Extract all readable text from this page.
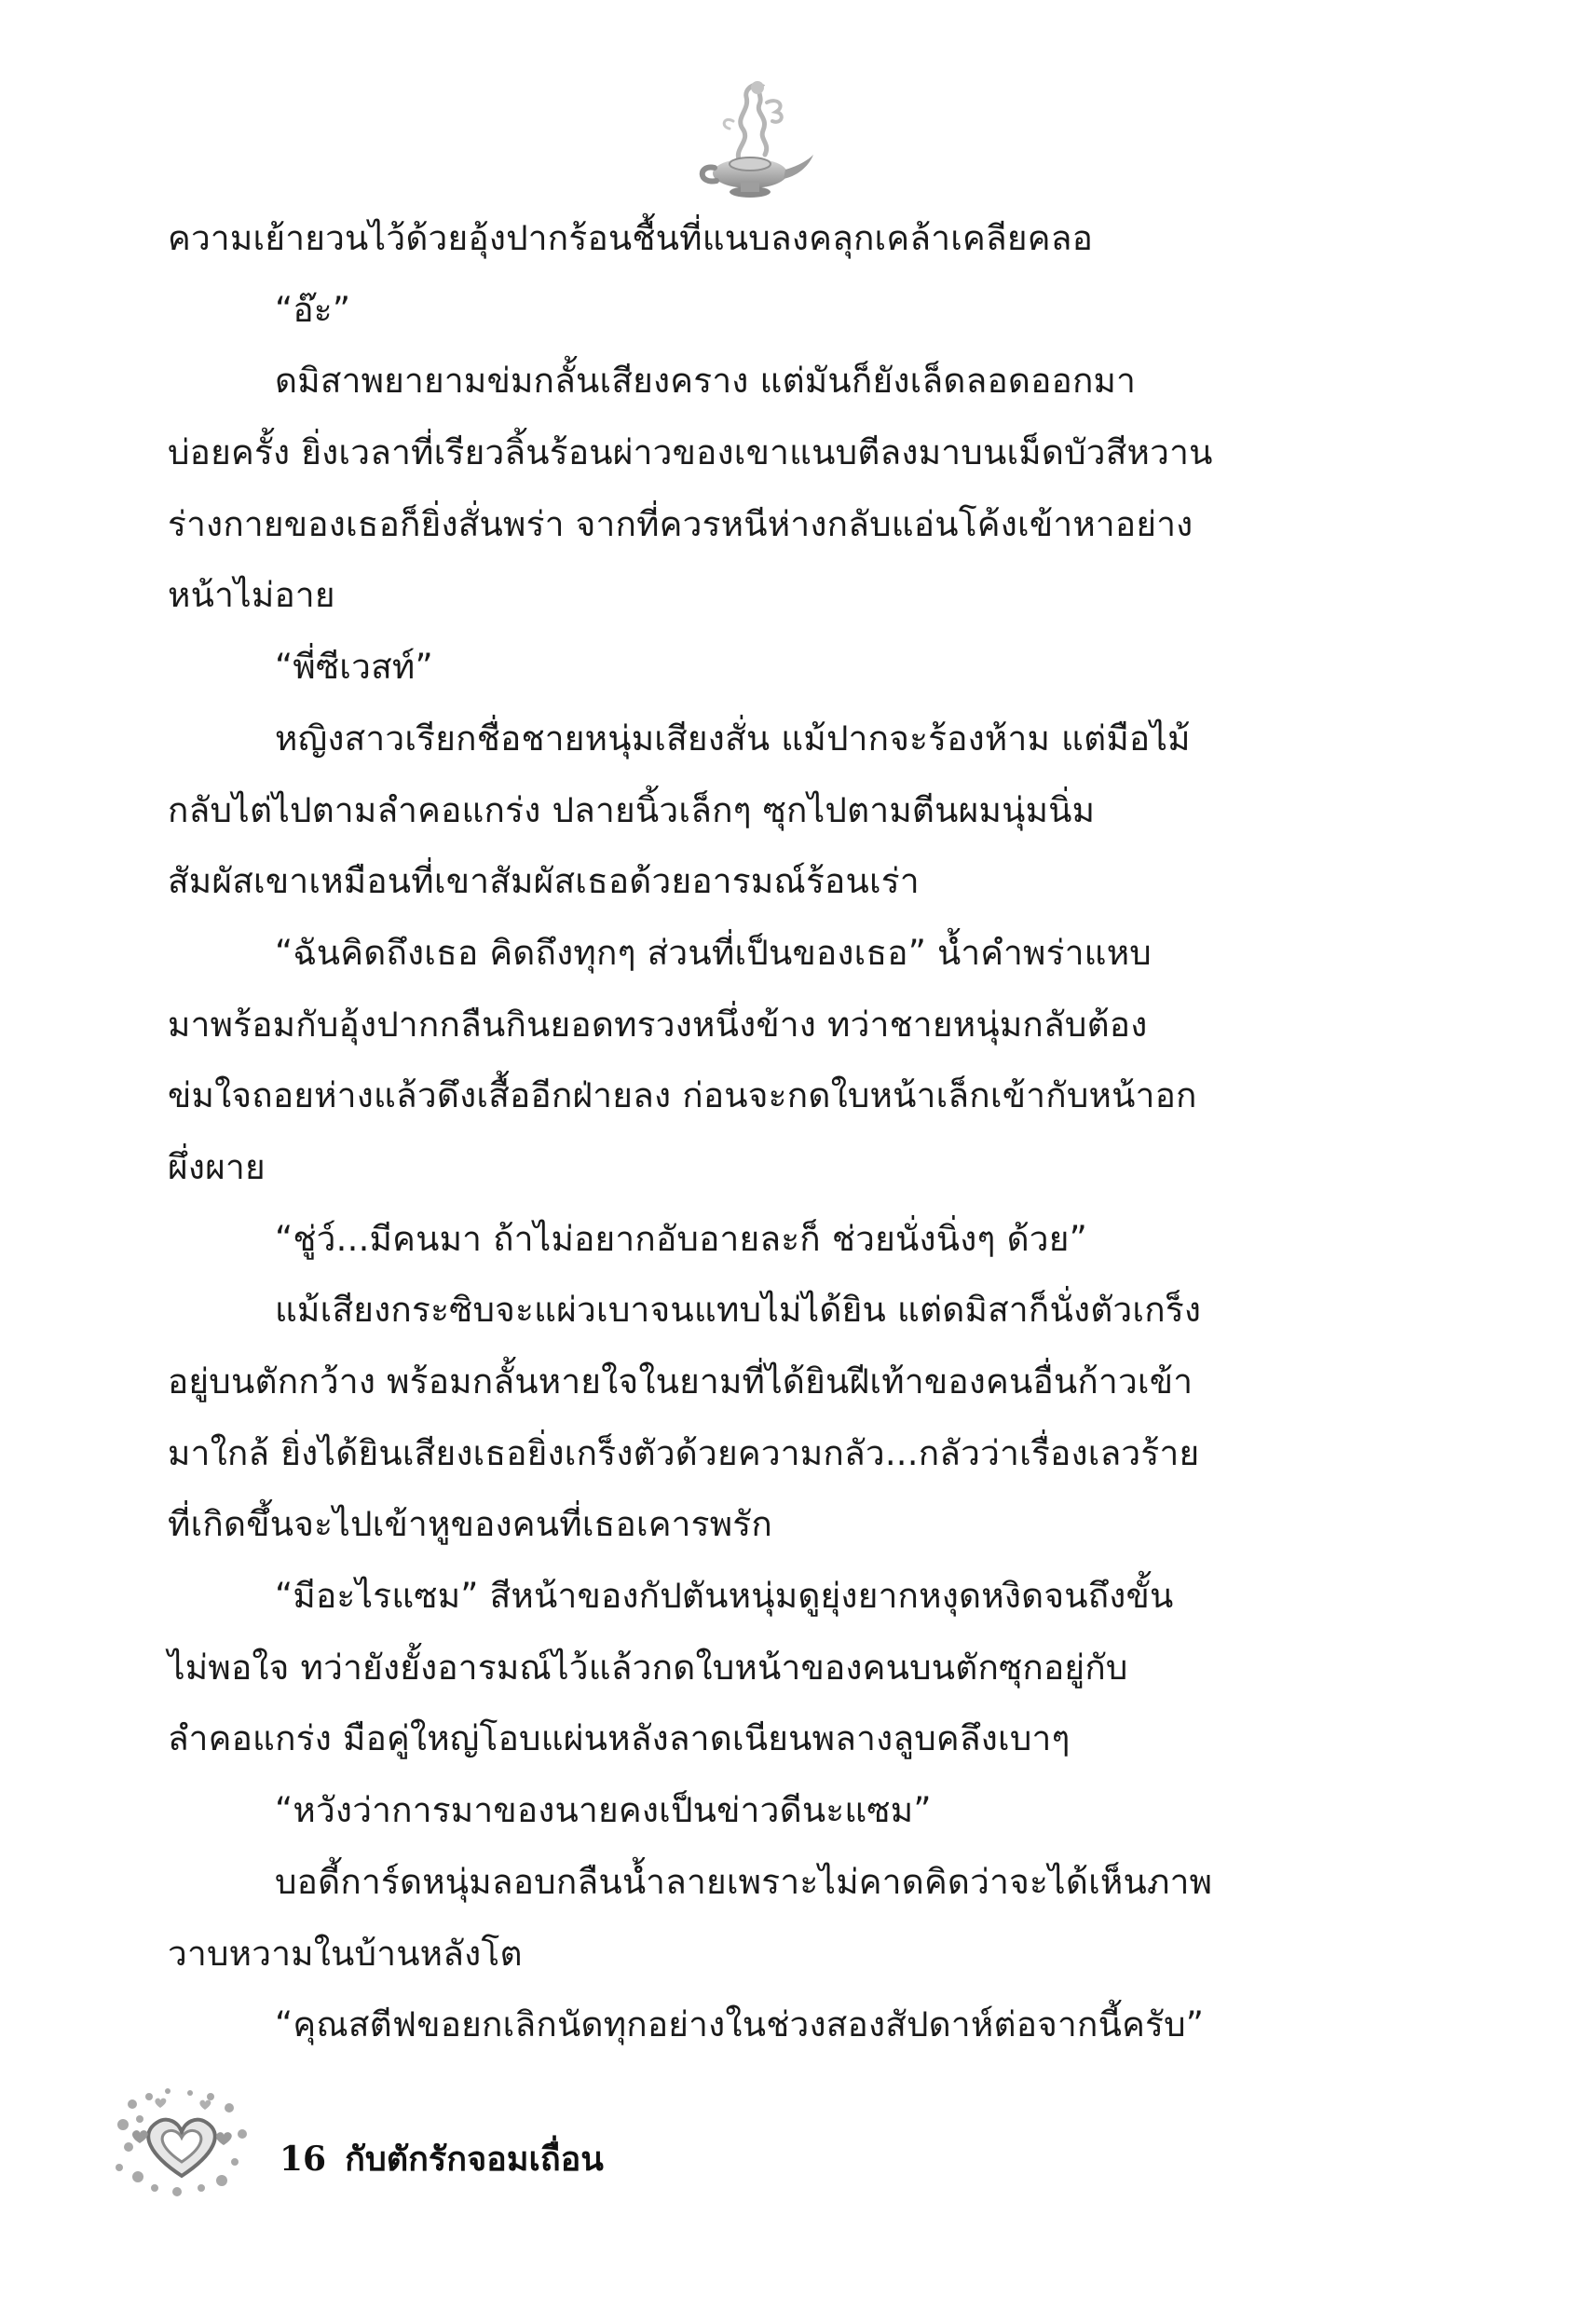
ความเย้ายวนไว้ด้วยอุ้งปากร้อนชื้นที่แนบลงคลุกเคล้าเคลียคลอ
“อ๊ะ”
ดมิสาพยายามข่มกลั้นเสียงคราง แต่มันก็ยังเล็ดลอดออกมา
บ่อยครั้ง ยิ่งเวลาที่เรียวลิ้นร้อนผ่าวของเขาแนบตีลงมาบนเม็ดบัวสีหวาน
ร่างกายของเธอก็ยิ่งสั่นพร่า จากที่ควรหนีห่างกลับแอ่นโค้งเข้าหาอย่าง
หน้าไม่อาย
“พี่ซีเวสท์”
หญิงสาวเรียกชื่อชายหนุ่มเสียงสั่น แม้ปากจะร้องห้าม แต่มือไม้
กลับไต่ไปตามลำคอแกร่ง ปลายนิ้วเล็กๆ ซุกไปตามตีนผมนุ่มนิ่ม
สัมผัสเขาเหมือนที่เขาสัมผัสเธอด้วยอารมณ์ร้อนเร่า
“ฉันคิดถึงเธอ คิดถึงทุกๆ ส่วนที่เป็นของเธอ” น้ำคำพร่าแหบ
มาพร้อมกับอุ้งปากกลืนกินยอดทรวงหนึ่งข้าง ทว่าชายหนุ่มกลับต้อง
ข่มใจถอยห่างแล้วดึงเสื้ออีกฝ่ายลง ก่อนจะกดใบหน้าเล็กเข้ากับหน้าอก
ผึ่งผาย
“ชู่ว์...มีคนมา ถ้าไม่อยากอับอายละก็ ช่วยนั่งนิ่งๆ ด้วย”
แม้เสียงกระซิบจะแผ่วเบาจนแทบไม่ได้ยิน แต่ดมิสาก็นั่งตัวเกร็ง
อยู่บนตักกว้าง พร้อมกลั้นหายใจในยามที่ได้ยินฝีเท้าของคนอื่นก้าวเข้า
มาใกล้ ยิ่งได้ยินเสียงเธอยิ่งเกร็งตัวด้วยความกลัว...กลัวว่าเรื่องเลวร้าย
ที่เกิดขึ้นจะไปเข้าหูของคนที่เธอเคารพรัก
“มีอะไรแซม” สีหน้าของกัปตันหนุ่มดูยุ่งยากหงุดหงิดจนถึงขั้น
ไม่พอใจ ทว่ายังยั้งอารมณ์ไว้แล้วกดใบหน้าของคนบนตักซุกอยู่กับ
ลำคอแกร่ง มือคู่ใหญ่โอบแผ่นหลังลาดเนียนพลางลูบคลึงเบาๆ
“หวังว่าการมาของนายคงเป็นข่าวดีนะแซม”
บอดี้การ์ดหนุ่มลอบกลืนน้ำลายเพราะไม่คาดคิดว่าจะได้เห็นภาพ
วาบหวามในบ้านหลังโต
“คุณสตีฟขอยกเลิกนัดทุกอย่างในช่วงสองสัปดาห์ต่อจากนี้ครับ”
16 กับตักรักจอมเถื่อน
